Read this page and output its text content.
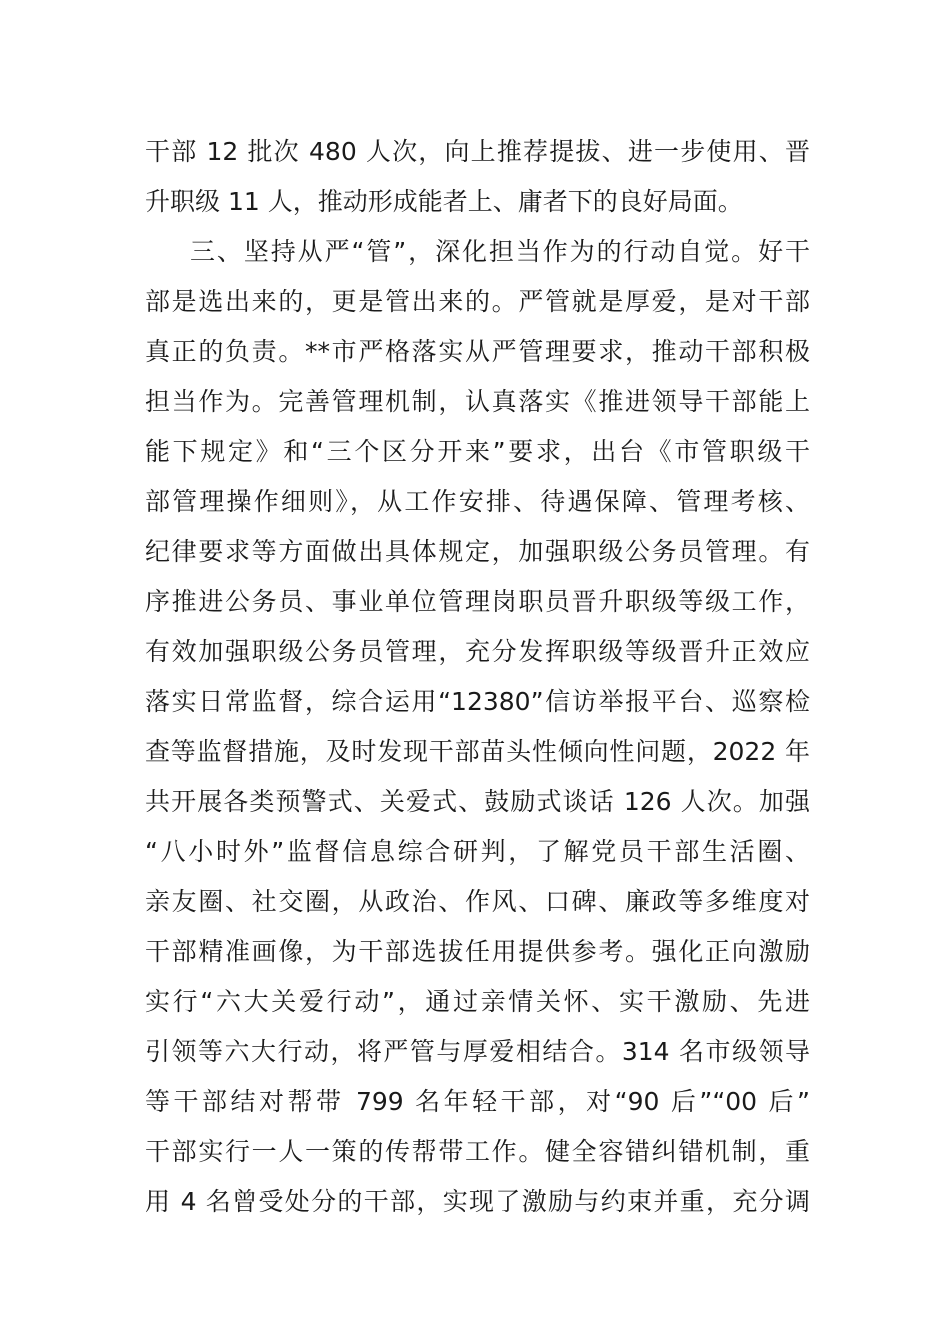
干部 12 批次 480 人次，向上推荐提拔、进一步使用、晋
升职级 11 人，推动形成能者上、庸者下的良好局面。
三、坚持从严“管”，深化担当作为的行动自觉。好干
部是选出来的，更是管出来的。严管就是厚爱，是对干部
真正的负责。**市严格落实从严管理要求，推动干部积极
担当作为。完善管理机制，认真落实《推进领导干部能上
能下规定》和“三个区分开来”要求，出台《市管职级干
部管理操作细则》，从工作安排、待遇保障、管理考核、
纪律要求等方面做出具体规定，加强职级公务员管理。有
序推进公务员、事业单位管理岗职员晋升职级等级工作，
有效加强职级公务员管理，充分发挥职级等级晋升正效应
落实日常监督，综合运用“12380”信访举报平台、巡察检
查等监督措施，及时发现干部苗头性倾向性问题，2022 年
共开展各类预警式、关爱式、鼓励式谈话 126 人次。加强
“八小时外”监督信息综合研判，了解党员干部生活圈、
亲友圈、社交圈，从政治、作风、口碑、廉政等多维度对
干部精准画像，为干部选拔任用提供参考。强化正向激励
实行“六大关爱行动”，通过亲情关怀、实干激励、先进
引领等六大行动，将严管与厚爱相结合。314 名市级领导
等干部结对帮带 799 名年轻干部，对“90 后”“00 后”
干部实行一人一策的传帮带工作。健全容错纠错机制，重
用 4 名曾受处分的干部，实现了激励与约束并重，充分调
